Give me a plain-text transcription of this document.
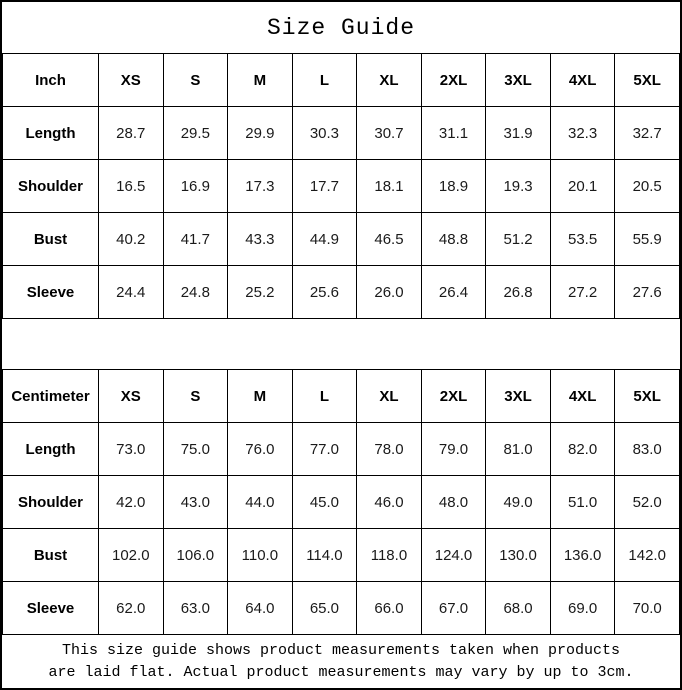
Size Guide
Inch	XS	S	M	L	XL	2XL	3XL	4XL	5XL
Length	28.7	29.5	29.9	30.3	30.7	31.1	31.9	32.3	32.7
Shoulder	16.5	16.9	17.3	17.7	18.1	18.9	19.3	20.1	20.5
Bust	40.2	41.7	43.3	44.9	46.5	48.8	51.2	53.5	55.9
Sleeve	24.4	24.8	25.2	25.6	26.0	26.4	26.8	27.2	27.6
Centimeter	XS	S	M	L	XL	2XL	3XL	4XL	5XL
Length	73.0	75.0	76.0	77.0	78.0	79.0	81.0	82.0	83.0
Shoulder	42.0	43.0	44.0	45.0	46.0	48.0	49.0	51.0	52.0
Bust	102.0	106.0	110.0	114.0	118.0	124.0	130.0	136.0	142.0
Sleeve	62.0	63.0	64.0	65.0	66.0	67.0	68.0	69.0	70.0
This size guide shows product measurements taken when products
are laid flat. Actual product measurements may vary by up to 3cm.
